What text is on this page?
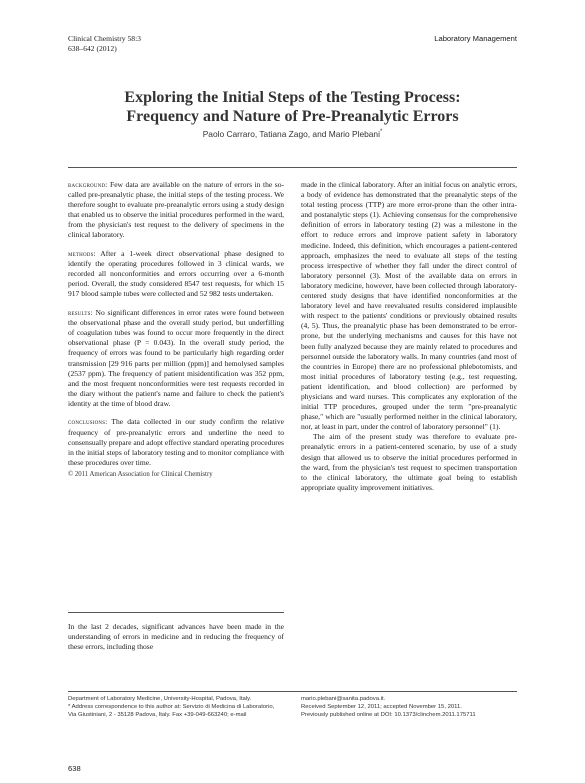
Clinical Chemistry 58:3
638–642 (2012)
Laboratory Management
Exploring the Initial Steps of the Testing Process:
Frequency and Nature of Pre-Preanalytic Errors
Paolo Carraro, Tatiana Zago, and Mario Plebani*

background: Few data are available on the nature of errors in the so-called pre-preanalytic phase, the initial steps of the testing process. We therefore sought to evaluate pre-preanalytic errors using a study design that enabled us to observe the initial procedures performed in the ward, from the physician's test request to the delivery of specimens in the clinical laboratory.

methods: After a 1-week direct observational phase designed to identify the operating procedures followed in 3 clinical wards, we recorded all nonconformities and errors occurring over a 6-month period. Overall, the study considered 8547 test requests, for which 15 917 blood sample tubes were collected and 52 982 tests undertaken.

results: No significant differences in error rates were found between the observational phase and the overall study period, but underfilling of coagulation tubes was found to occur more frequently in the direct observational phase (P = 0.043). In the overall study period, the frequency of errors was found to be particularly high regarding order transmission [29 916 parts per million (ppm)] and hemolysed samples (2537 ppm). The frequency of patient misidentification was 352 ppm, and the most frequent nonconformities were test requests recorded in the diary without the patient's name and failure to check the patient's identity at the time of blood draw.

conclusions: The data collected in our study confirm the relative frequency of pre-preanalytic errors and underline the need to consensually prepare and adopt effective standard operating procedures in the initial steps of laboratory testing and to monitor compliance with these procedures over time.

© 2011 American Association for Clinical Chemistry

In the last 2 decades, significant advances have been made in the understanding of errors in medicine and in reducing the frequency of these errors, including those

made in the clinical laboratory. After an initial focus on analytic errors, a body of evidence has demonstrated that the preanalytic steps of the total testing process (TTP) are more error-prone than the other intra- and postanalytic steps (1). Achieving consensus for the comprehensive definition of errors in laboratory testing (2) was a milestone in the effort to reduce errors and improve patient safety in laboratory medicine. Indeed, this definition, which encourages a patient-centered approach, emphasizes the need to evaluate all steps of the testing process irrespective of whether they fall under the direct control of laboratory personnel (3). Most of the available data on errors in laboratory medicine, however, have been collected through laboratory-centered study designs that have identified nonconformities at the laboratory level and have reevaluated results considered implausible with respect to the patients' conditions or previously obtained results (4, 5). Thus, the preanalytic phase has been demonstrated to be error-prone, but the underlying mechanisms and causes for this have not been fully analyzed because they are mainly related to procedures and personnel outside the laboratory walls. In many countries (and most of the countries in Europe) there are no professional phlebotomists, and most initial procedures of laboratory testing (e.g., test requesting, patient identification, and blood collection) are performed by physicians and ward nurses. This complicates any exploration of the initial TTP procedures, grouped under the term "pre-preanalytic phase," which are "usually performed neither in the clinical laboratory, nor, at least in part, under the control of laboratory personnel" (1).

The aim of the present study was therefore to evaluate pre-preanalytic errors in a patient-centered scenario, by use of a study design that allowed us to observe the initial procedures performed in the ward, from the physician's test request to specimen transportation to the clinical laboratory, the ultimate goal being to establish appropriate quality improvement initiatives.

Department of Laboratory Medicine, University-Hospital, Padova, Italy.
* Address correspondence to this author at: Servizio di Medicina di Laboratorio, Via Giustiniani, 2 - 35128 Padova, Italy. Fax +39-049-663240; e-mail
mario.plebani@sanita.padova.it.
Received September 12, 2011; accepted November 15, 2011.
Previously published online at DOI: 10.1373/clinchem.2011.175711
638
